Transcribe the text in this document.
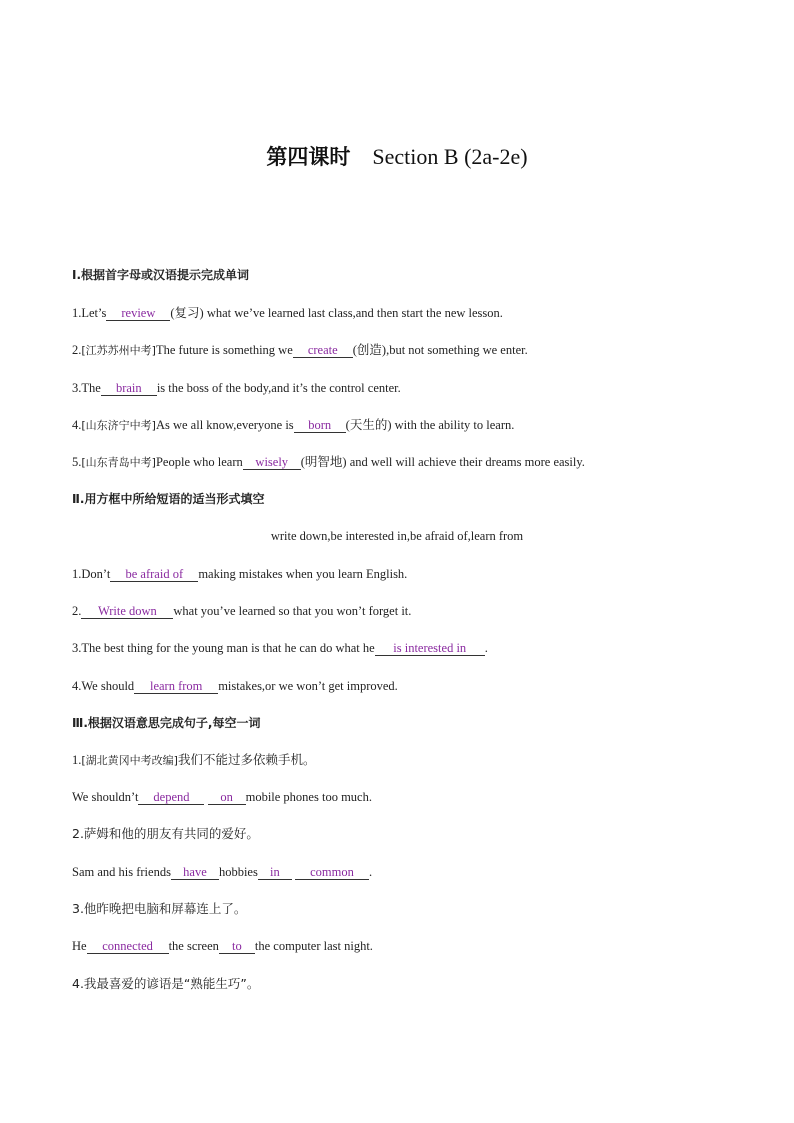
第四课时 Section B (2a-2e)
Ⅰ.根据首字母或汉语提示完成单词
1.Let’s review (复习) what we’ve learned last class,and then start the new lesson.
2.[江苏苏州中考]The future is something we create (创造),but not something we enter.
3.The brain is the boss of the body,and it’s the control center.
4.[山东济宁中考]As we all know,everyone is born (天生的) with the ability to learn.
5.[山东青岛中考]People who learn wisely (明智地) and well will achieve their dreams more easily.
Ⅱ.用方框中所给短语的适当形式填空
write down,be interested in,be afraid of,learn from
1.Don’t be afraid of making mistakes when you learn English.
2. Write down what you’ve learned so that you won’t forget it.
3.The best thing for the young man is that he can do what he is interested in .
4.We should learn from mistakes,or we won’t get improved.
Ⅲ.根据汉语意思完成句子,每空一词
1.[湖北黄冈中考改编]我们不能过多依赖手机。
We shouldn’t depend on mobile phones too much.
2.萨姆和他的朋友有共同的爱好。
Sam and his friends have hobbies in common .
3.他昨晚把电脑和屏幕连上了。
He connected the screen to the computer last night.
4.我最喜爱的谚语是“熟能生巧”。
